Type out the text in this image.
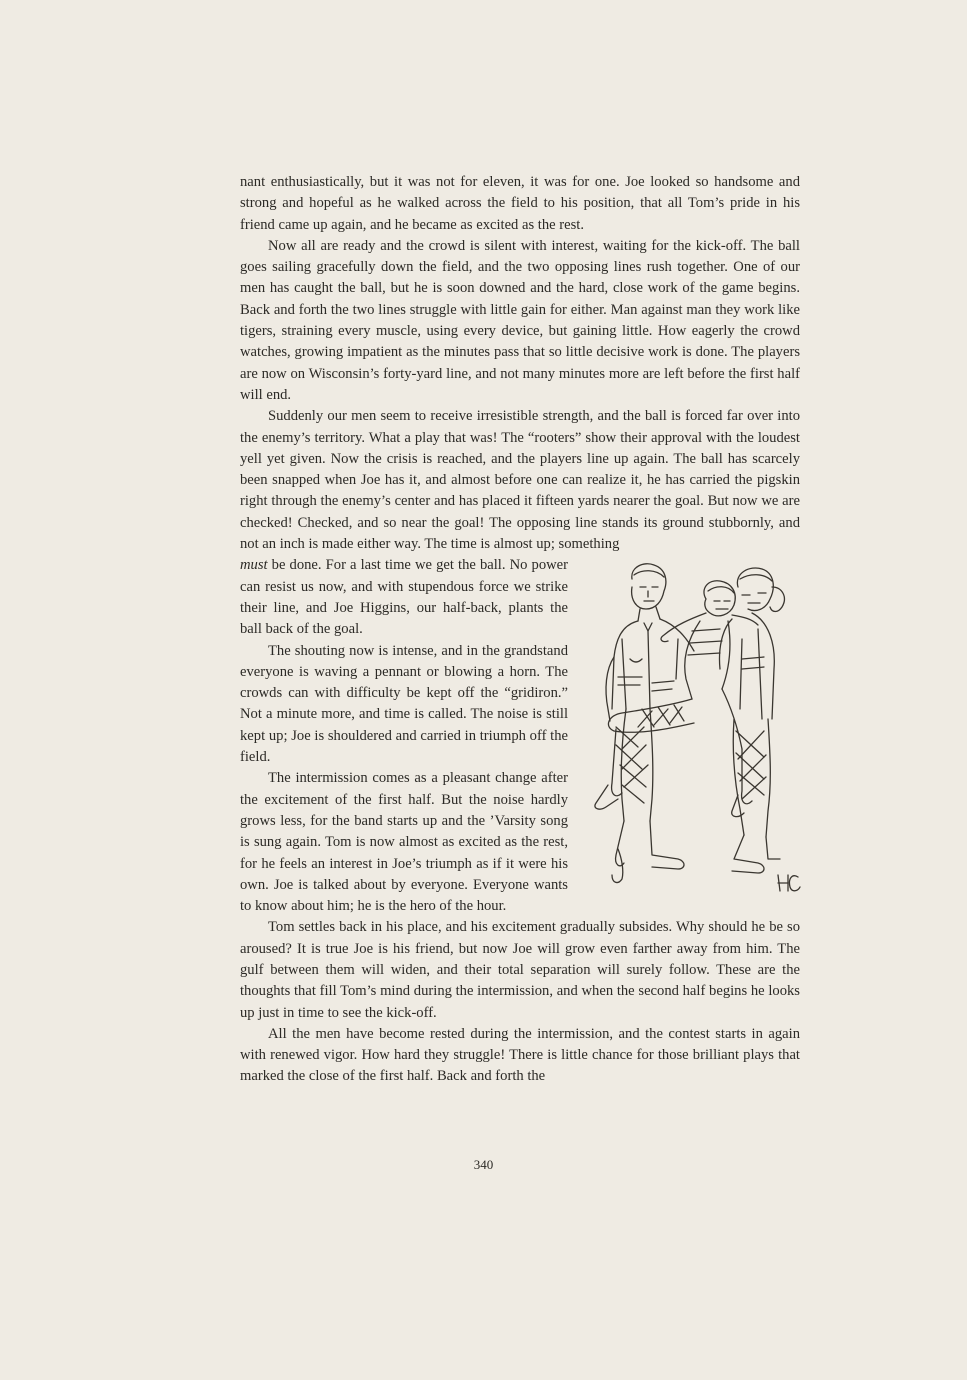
nant enthusiastically, but it was not for eleven, it was for one. Joe looked so handsome and strong and hopeful as he walked across the field to his position, that all Tom’s pride in his friend came up again, and he became as excited as the rest.

Now all are ready and the crowd is silent with interest, waiting for the kick-off. The ball goes sailing gracefully down the field, and the two opposing lines rush together. One of our men has caught the ball, but he is soon downed and the hard, close work of the game begins. Back and forth the two lines struggle with little gain for either. Man against man they work like tigers, straining every muscle, using every device, but gaining little. How eagerly the crowd watches, growing impatient as the minutes pass that so little decisive work is done. The players are now on Wisconsin’s forty-yard line, and not many minutes more are left before the first half will end.

Suddenly our men seem to receive irresistible strength, and the ball is forced far over into the enemy’s territory. What a play that was! The “rooters” show their approval with the loudest yell yet given. Now the crisis is reached, and the players line up again. The ball has scarcely been snapped when Joe has it, and almost before one can realize it, he has carried the pigskin right through the enemy’s center and has placed it fifteen yards nearer the goal. But now we are checked! Checked, and so near the goal! The opposing line stands its ground stubbornly, and not an inch is made either way. The time is almost up; something

must be done. For a last time we get the ball. No power can resist us now, and with stupendous force we strike their line, and Joe Higgins, our half-back, plants the ball back of the goal.

The shouting now is intense, and in the grandstand everyone is waving a pennant or blowing a horn. The crowds can with difficulty be kept off the “gridiron.” Not a minute more, and time is called. The noise is still kept up; Joe is shouldered and carried in triumph off the field.

The intermission comes as a pleasant change after the excitement of the first half. But the noise hardly grows less, for the band starts up and the ’Varsity song is sung again. Tom is now almost as excited as the rest, for he feels an interest in Joe’s triumph as if it were his own. Joe is talked about by everyone. Everyone wants to know about him; he is the hero of the hour.

Tom settles back in his place, and his excitement gradually subsides. Why should he be so aroused? It is true Joe is his friend, but now Joe will grow even farther away from him. The gulf between them will widen, and their total separation will surely follow. These are the thoughts that fill Tom’s mind during the intermission, and when the second half begins he looks up just in time to see the kick-off.

All the men have become rested during the intermission, and the contest starts in again with renewed vigor. How hard they struggle! There is little chance for those brilliant plays that marked the close of the first half. Back and forth the

340
